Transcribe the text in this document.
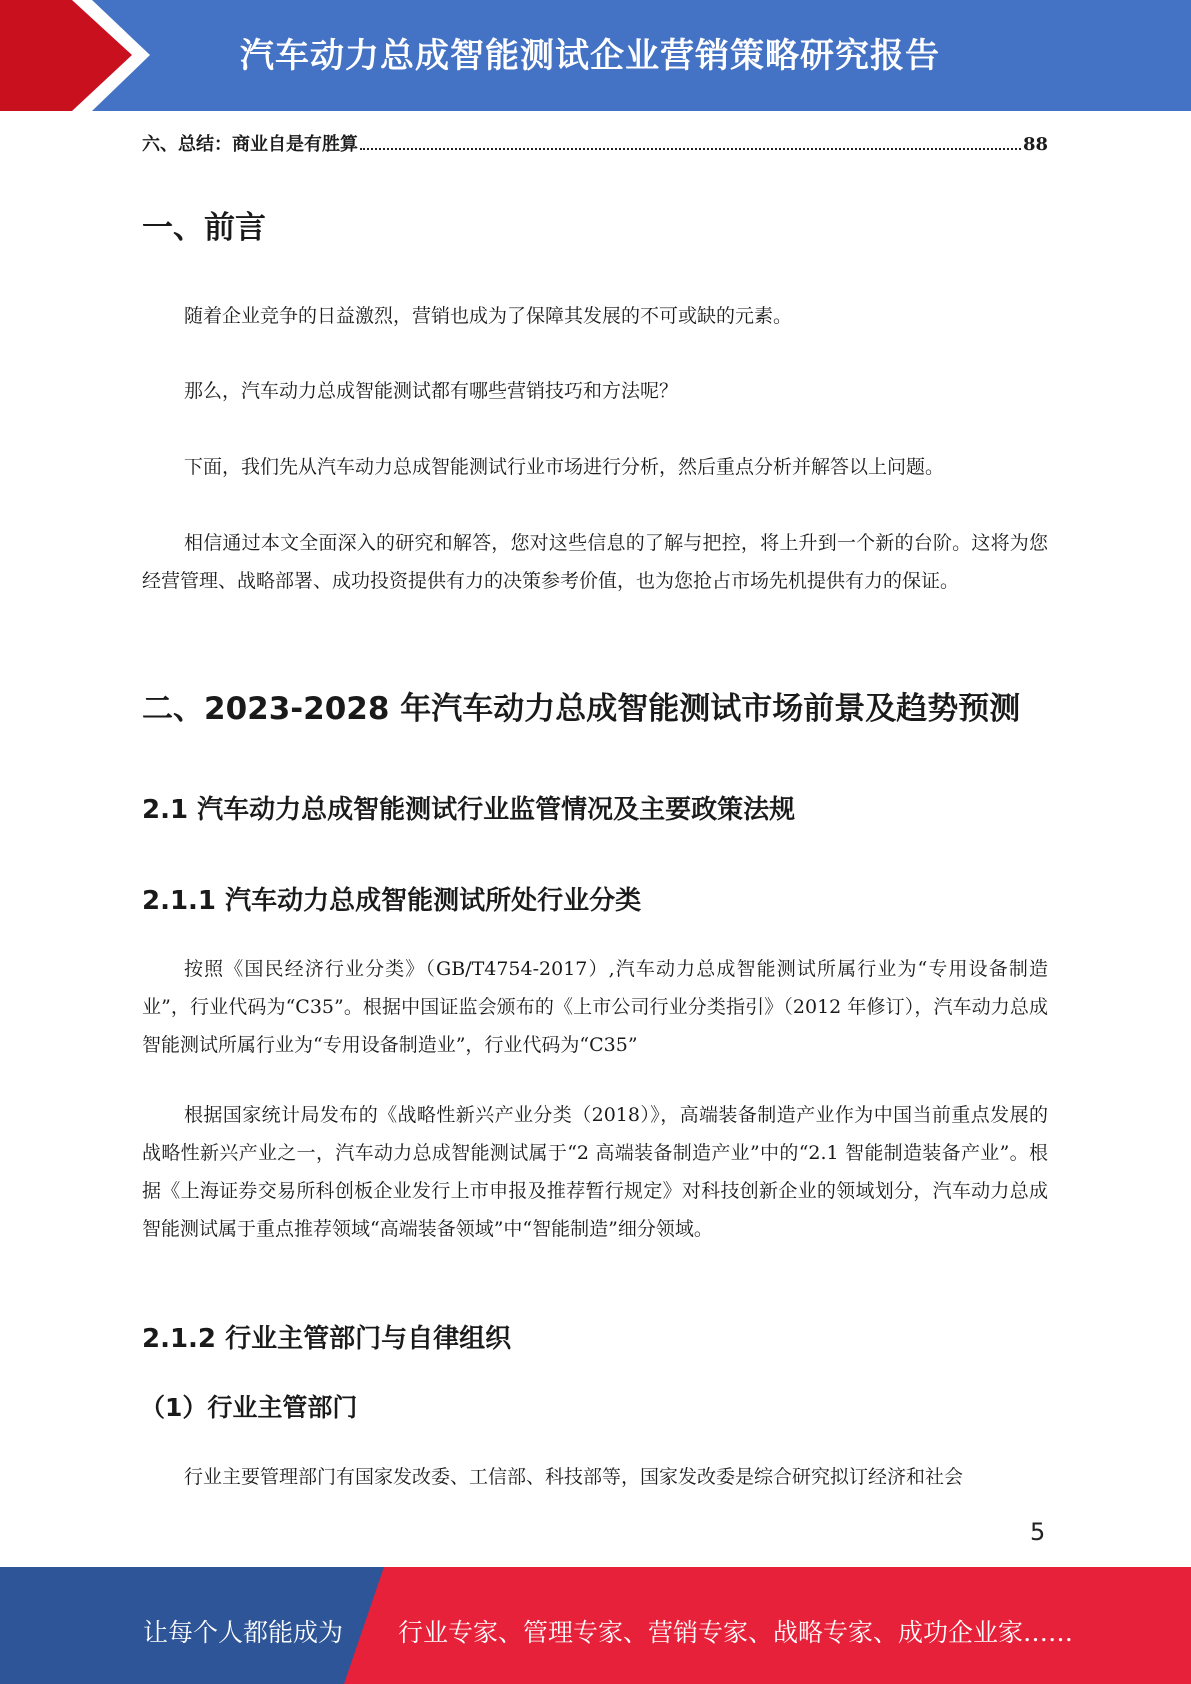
汽车动力总成智能测试企业营销策略研究报告
六、总结：商业自是有胜算	88
一、前言
随着企业竞争的日益激烈，营销也成为了保障其发展的不可或缺的元素。
那么，汽车动力总成智能测试都有哪些营销技巧和方法呢？
下面，我们先从汽车动力总成智能测试行业市场进行分析，然后重点分析并解答以上问题。
相信通过本文全面深入的研究和解答，您对这些信息的了解与把控，将上升到一个新的台阶。这将为您经营管理、战略部署、成功投资提供有力的决策参考价值，也为您抢占市场先机提供有力的保证。
二、2023-2028 年汽车动力总成智能测试市场前景及趋势预测
2.1 汽车动力总成智能测试行业监管情况及主要政策法规
2.1.1 汽车动力总成智能测试所处行业分类
按照《国民经济行业分类》（GB/T4754-2017）,汽车动力总成智能测试所属行业为“专用设备制造业”，行业代码为“C35”。根据中国证监会颁布的《上市公司行业分类指引》（2012 年修订），汽车动力总成智能测试所属行业为“专用设备制造业”，行业代码为“C35”
根据国家统计局发布的《战略性新兴产业分类（2018）》，高端装备制造产业作为中国当前重点发展的战略性新兴产业之一，汽车动力总成智能测试属于“2 高端装备制造产业”中的“2.1 智能制造装备产业”。根据《上海证券交易所科创板企业发行上市申报及推荐暂行规定》对科技创新企业的领域划分，汽车动力总成智能测试属于重点推荐领域“高端装备领域”中“智能制造”细分领域。
2.1.2 行业主管部门与自律组织
（1）行业主管部门
行业主要管理部门有国家发改委、工信部、科技部等，国家发改委是综合研究拟订经济和社会
5
让每个人都能成为 行业专家、管理专家、营销专家、战略专家、成功企业家……
